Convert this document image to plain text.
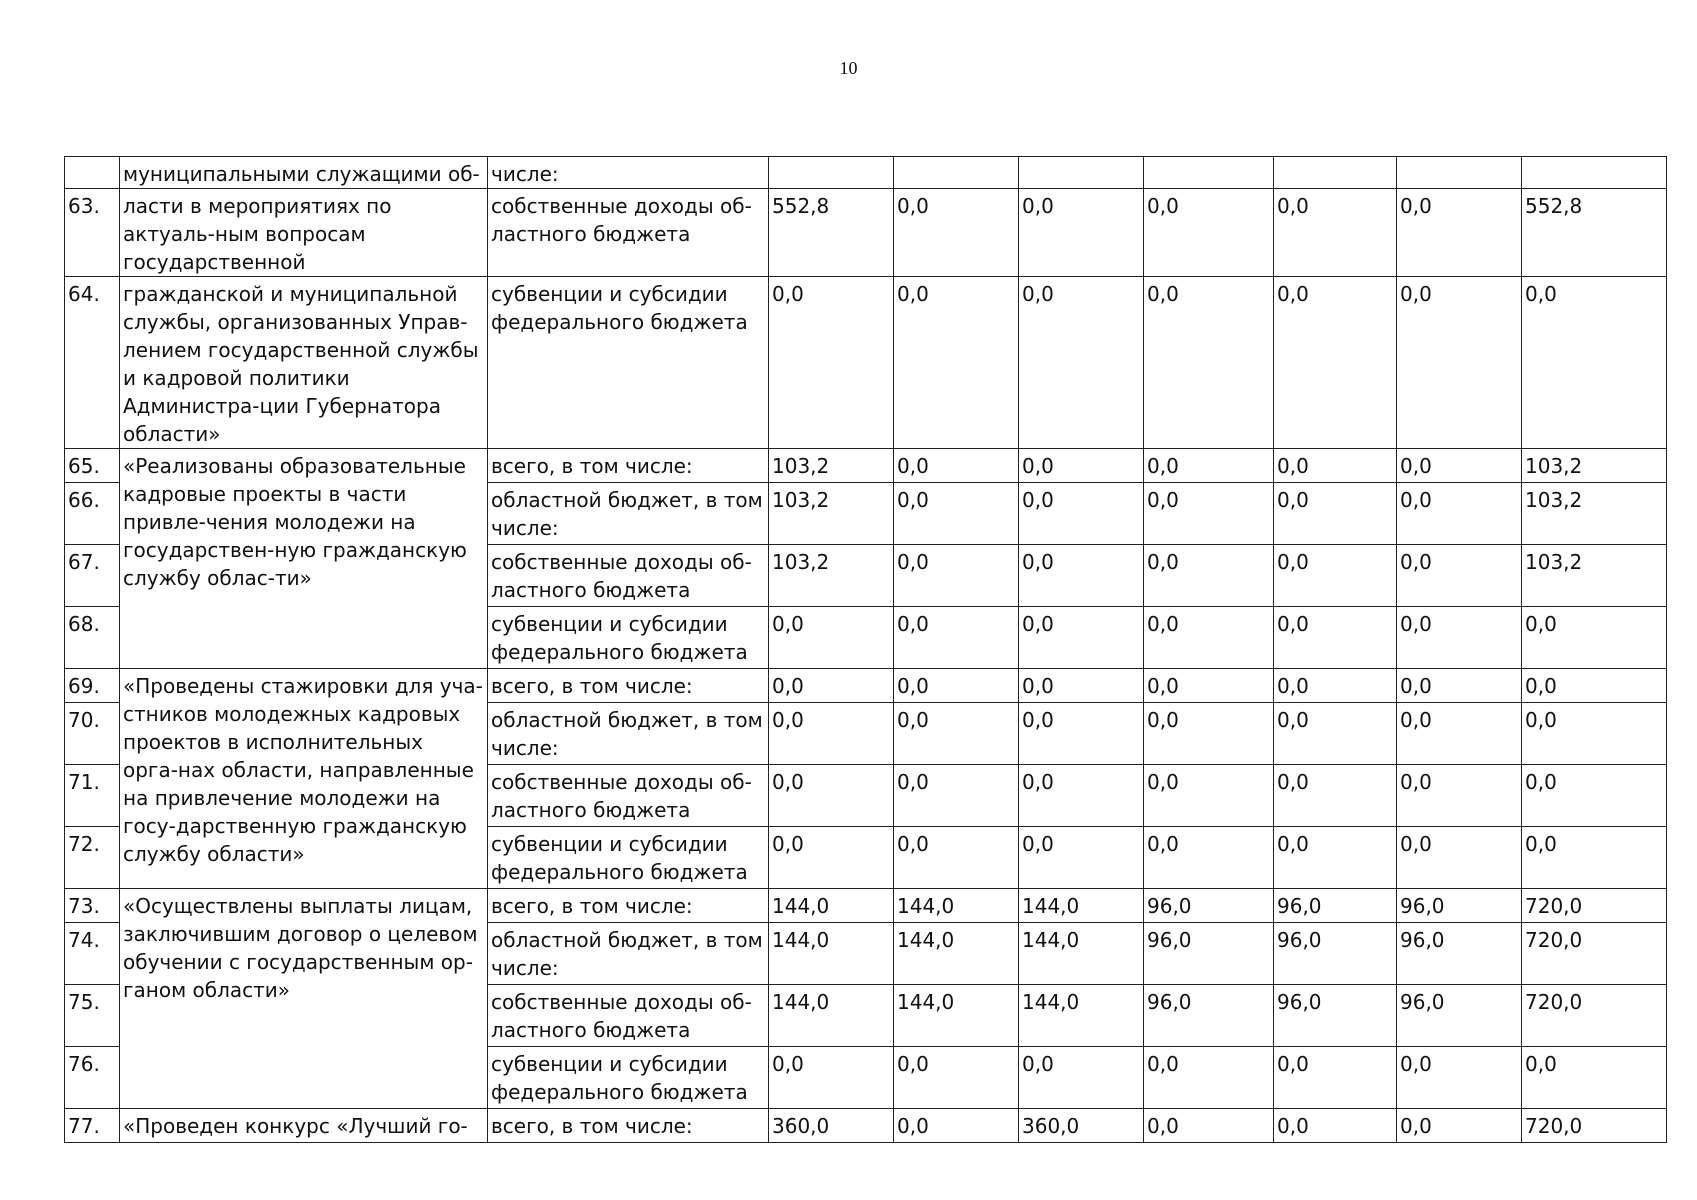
10
	муниципальными служащими об-	числе:							
63.	ласти в мероприятиях по актуаль-ным вопросам государственной	собственные доходы об-ластного бюджета	552,8	0,0	0,0	0,0	0,0	0,0	552,8
64.	гражданской и муниципальной службы, организованных Управ-лением государственной службы и кадровой политики Администра-ции Губернатора области»	субвенции и субсидии федерального бюджета	0,0	0,0	0,0	0,0	0,0	0,0	0,0
65.	«Реализованы образовательные кадровые проекты в части привле-чения молодежи на государствен-ную гражданскую службу облас-ти»	всего, в том числе:	103,2	0,0	0,0	0,0	0,0	0,0	103,2
66.		областной бюджет, в том числе:	103,2	0,0	0,0	0,0	0,0	0,0	103,2
67.		собственные доходы об-ластного бюджета	103,2	0,0	0,0	0,0	0,0	0,0	103,2
68.		субвенции и субсидии федерального бюджета	0,0	0,0	0,0	0,0	0,0	0,0	0,0
69.	«Проведены стажировки для уча-стников молодежных кадровых проектов в исполнительных орга-нах области, направленные на привлечение молодежи на госу-дарственную гражданскую службу области»	всего, в том числе:	0,0	0,0	0,0	0,0	0,0	0,0	0,0
70.		областной бюджет, в том числе:	0,0	0,0	0,0	0,0	0,0	0,0	0,0
71.		собственные доходы об-ластного бюджета	0,0	0,0	0,0	0,0	0,0	0,0	0,0
72.		субвенции и субсидии федерального бюджета	0,0	0,0	0,0	0,0	0,0	0,0	0,0
73.	«Осуществлены выплаты лицам, заключившим договор о целевом обучении с государственным ор-ганом области»	всего, в том числе:	144,0	144,0	144,0	96,0	96,0	96,0	720,0
74.		областной бюджет, в том числе:	144,0	144,0	144,0	96,0	96,0	96,0	720,0
75.		собственные доходы об-ластного бюджета	144,0	144,0	144,0	96,0	96,0	96,0	720,0
76.		субвенции и субсидии федерального бюджета	0,0	0,0	0,0	0,0	0,0	0,0	0,0
77.	«Проведен конкурс «Лучший го-	всего, в том числе:	360,0	0,0	360,0	0,0	0,0	0,0	720,0
